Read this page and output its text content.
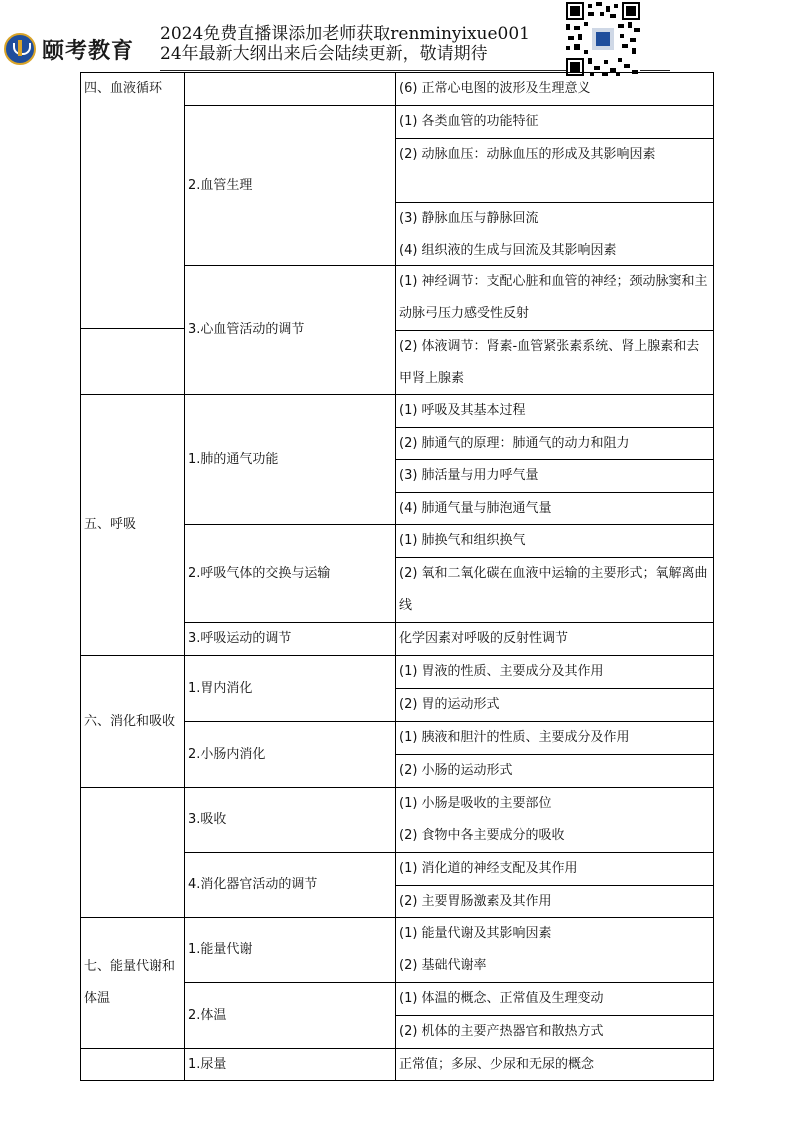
颐考教育
2024免费直播课添加老师获取renminyixue001
24年最新大纲出来后会陆续更新，敬请期待
四、血液循环
五、呼吸
六、消化和吸收
七、能量代谢和体温
2.血管生理
3.心血管活动的调节
1.肺的通气功能
2.呼吸气体的交换与运输
3.呼吸运动的调节
1.胃内消化
2.小肠内消化
3.吸收
4.消化器官活动的调节
1.能量代谢
2.体温
1.尿量
(6) 正常心电图的波形及生理意义
(1) 各类血管的功能特征
(2) 动脉血压：动脉血压的形成及其影响因素
(3) 静脉血压与静脉回流
(4) 组织液的生成与回流及其影响因素
(1) 神经调节：支配心脏和血管的神经；颈动脉窦和主动脉弓压力感受性反射
(2) 体液调节：肾素-血管紧张素系统、肾上腺素和去甲肾上腺素
(1) 呼吸及其基本过程
(2) 肺通气的原理：肺通气的动力和阻力
(3) 肺活量与用力呼气量
(4) 肺通气量与肺泡通气量
(1) 肺换气和组织换气
(2) 氧和二氧化碳在血液中运输的主要形式；氧解离曲线
化学因素对呼吸的反射性调节
(1) 胃液的性质、主要成分及其作用
(2) 胃的运动形式
(1) 胰液和胆汁的性质、主要成分及作用
(2) 小肠的运动形式
(1) 小肠是吸收的主要部位
(2) 食物中各主要成分的吸收
(1) 消化道的神经支配及其作用
(2) 主要胃肠激素及其作用
(1) 能量代谢及其影响因素
(2) 基础代谢率
(1) 体温的概念、正常值及生理变动
(2) 机体的主要产热器官和散热方式
正常值；多尿、少尿和无尿的概念
